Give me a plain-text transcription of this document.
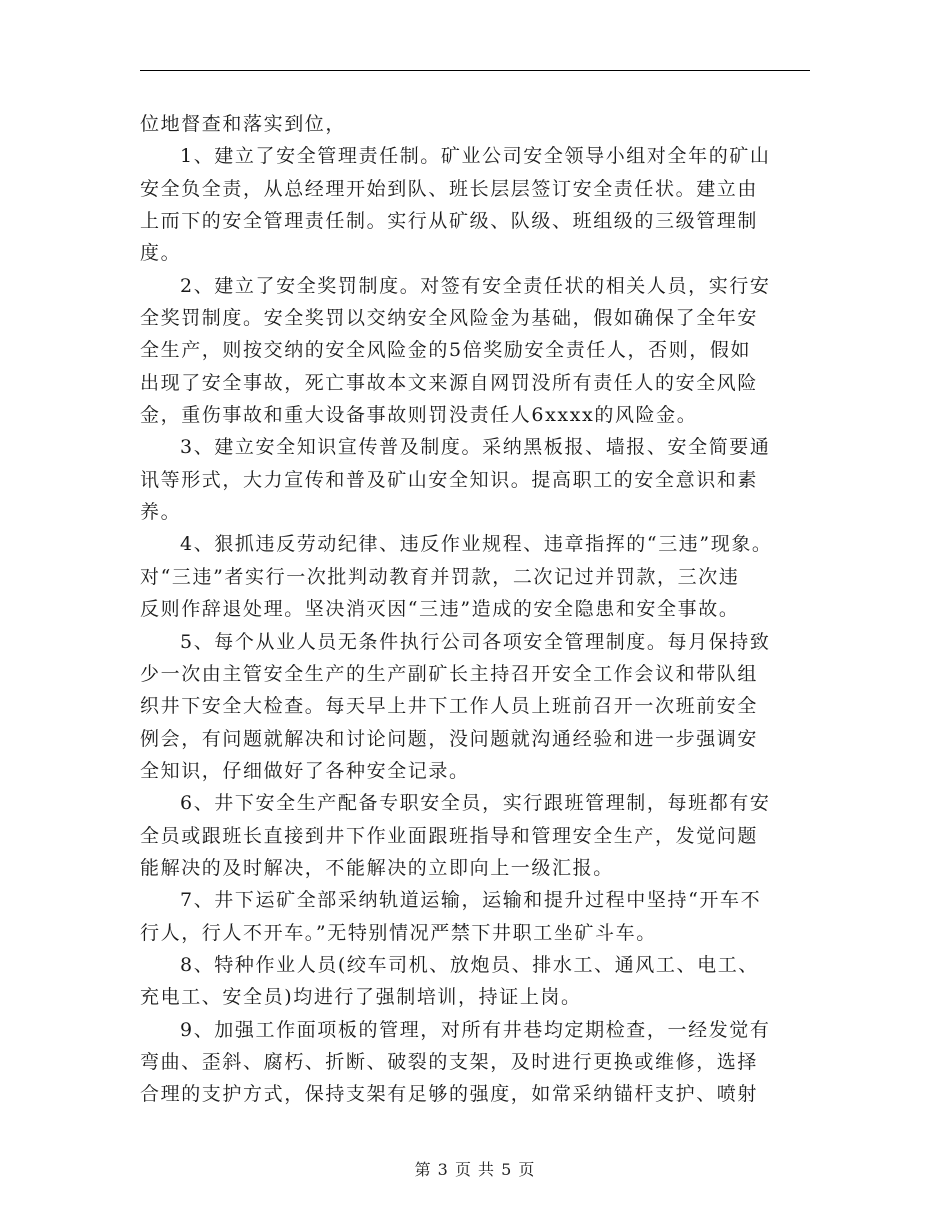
位地督查和落实到位，
1、建立了安全管理责任制。矿业公司安全领导小组对全年的矿山
安全负全责，从总经理开始到队、班长层层签订安全责任状。建立由
上而下的安全管理责任制。实行从矿级、队级、班组级的三级管理制
度。
2、建立了安全奖罚制度。对签有安全责任状的相关人员，实行安
全奖罚制度。安全奖罚以交纳安全风险金为基础，假如确保了全年安
全生产，则按交纳的安全风险金的5倍奖励安全责任人，否则，假如
出现了安全事故，死亡事故本文来源自网罚没所有责任人的安全风险
金，重伤事故和重大设备事故则罚没责任人6xxxx的风险金。
3、建立安全知识宣传普及制度。采纳黑板报、墙报、安全简要通
讯等形式，大力宣传和普及矿山安全知识。提高职工的安全意识和素
养。
4、狠抓违反劳动纪律、违反作业规程、违章指挥的“三违”现象。
对“三违”者实行一次批判动教育并罚款，二次记过并罚款，三次违
反则作辞退处理。坚决消灭因“三违”造成的安全隐患和安全事故。
5、每个从业人员无条件执行公司各项安全管理制度。每月保持致
少一次由主管安全生产的生产副矿长主持召开安全工作会议和带队组
织井下安全大检查。每天早上井下工作人员上班前召开一次班前安全
例会，有问题就解决和讨论问题，没问题就沟通经验和进一步强调安
全知识，仔细做好了各种安全记录。
6、井下安全生产配备专职安全员，实行跟班管理制，每班都有安
全员或跟班长直接到井下作业面跟班指导和管理安全生产，发觉问题
能解决的及时解决，不能解决的立即向上一级汇报。
7、井下运矿全部采纳轨道运输，运输和提升过程中坚持“开车不
行人，行人不开车。”无特别情况严禁下井职工坐矿斗车。
8、特种作业人员(绞车司机、放炮员、排水工、通风工、电工、
充电工、安全员)均进行了强制培训，持证上岗。
9、加强工作面项板的管理，对所有井巷均定期检查，一经发觉有
弯曲、歪斜、腐朽、折断、破裂的支架，及时进行更换或维修，选择
合理的支护方式，保持支架有足够的强度，如常采纳锚杆支护、喷射
第 3 页 共 5 页
